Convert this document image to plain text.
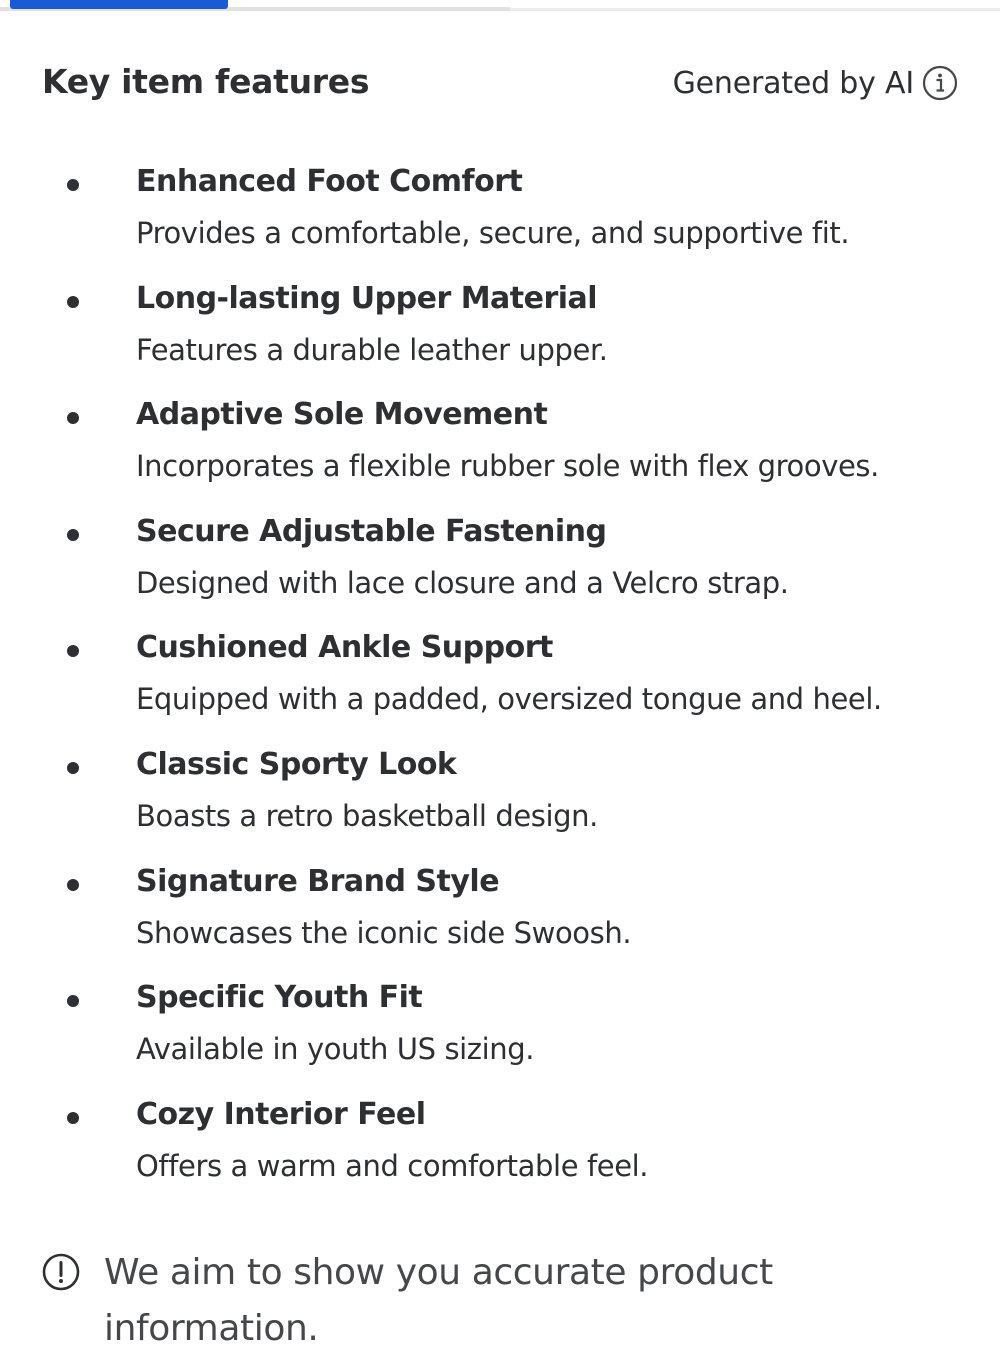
Key item features	Generated by AI
Enhanced Foot Comfort
Provides a comfortable, secure, and supportive fit.
Long-lasting Upper Material
Features a durable leather upper.
Adaptive Sole Movement
Incorporates a flexible rubber sole with flex grooves.
Secure Adjustable Fastening
Designed with lace closure and a Velcro strap.
Cushioned Ankle Support
Equipped with a padded, oversized tongue and heel.
Classic Sporty Look
Boasts a retro basketball design.
Signature Brand Style
Showcases the iconic side Swoosh.
Specific Youth Fit
Available in youth US sizing.
Cozy Interior Feel
Offers a warm and comfortable feel.
We aim to show you accurate product information.
